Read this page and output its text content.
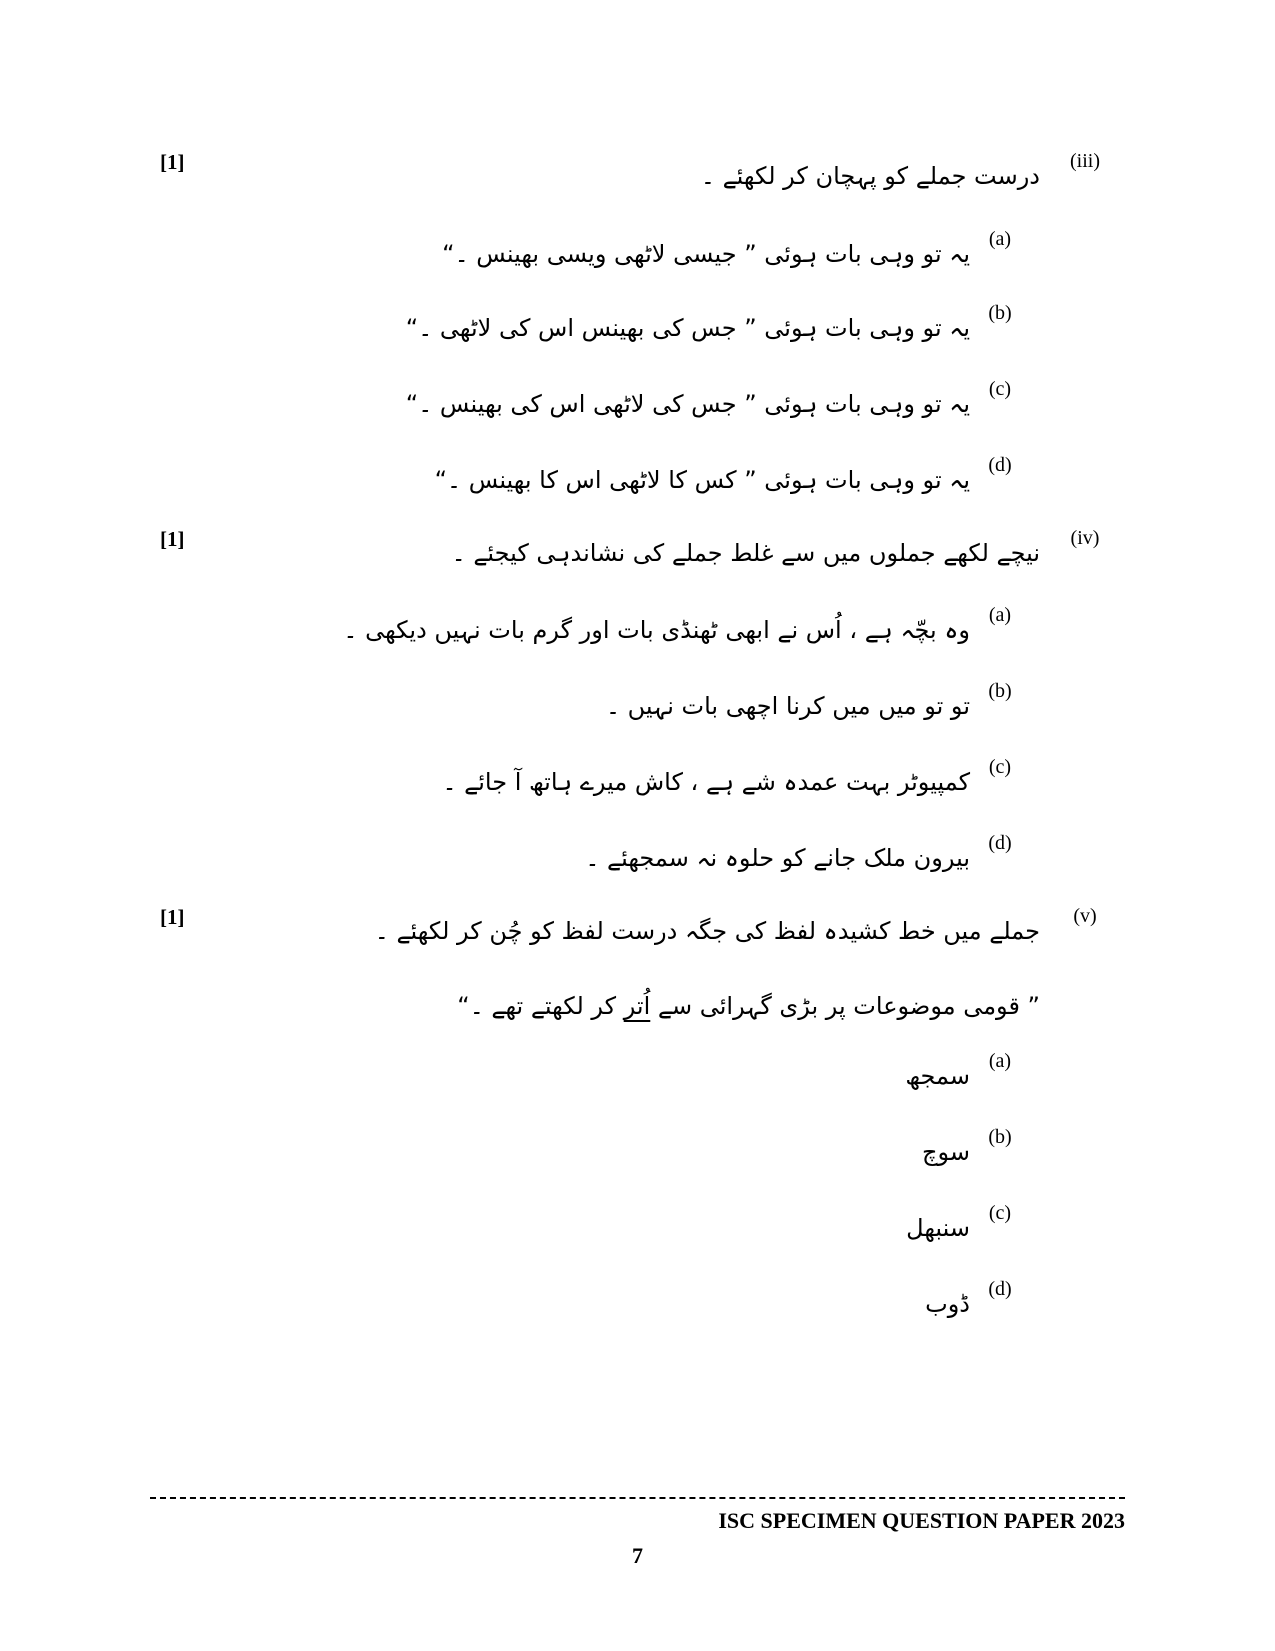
[1]	(iii)
درست جملے کو پہچان کر لکھئے ۔
(a)
یہ تو وہی بات ہوئی ” جیسی لاٹھی ویسی بھینس ۔“
(b)
یہ تو وہی بات ہوئی ” جس کی بھینس اس کی لاٹھی ۔“
(c)
یہ تو وہی بات ہوئی ” جس کی لاٹھی اس کی بھینس ۔“
(d)
یہ تو وہی بات ہوئی ” کس کا لاٹھی اس کا بھینس ۔“
[1]	(iv)
نیچے لکھے جملوں میں سے غلط جملے کی نشاندہی کیجئے ۔
(a)
وہ بچّہ ہے ، اُس نے ابھی ٹھنڈی بات اور گرم بات نہیں دیکھی ۔
(b)
تو تو میں میں کرنا اچھی بات نہیں ۔
(c)
کمپیوٹر بہت عمدہ شے ہے ، کاش میرے ہاتھ آ جائے ۔
(d)
بیرون ملک جانے کو حلوہ نہ سمجھئے ۔
[1]	(v)
جملے میں خط کشیدہ لفظ کی جگہ درست لفظ کو چُن کر لکھئے ۔
” قومی موضوعات پر بڑی گہرائی سے اُتر کر لکھتے تھے ۔“
(a)
سمجھ
(b)
سوچ
(c)
سنبھل
(d)
ڈوب
ISC SPECIMEN QUESTION PAPER 2023
7
